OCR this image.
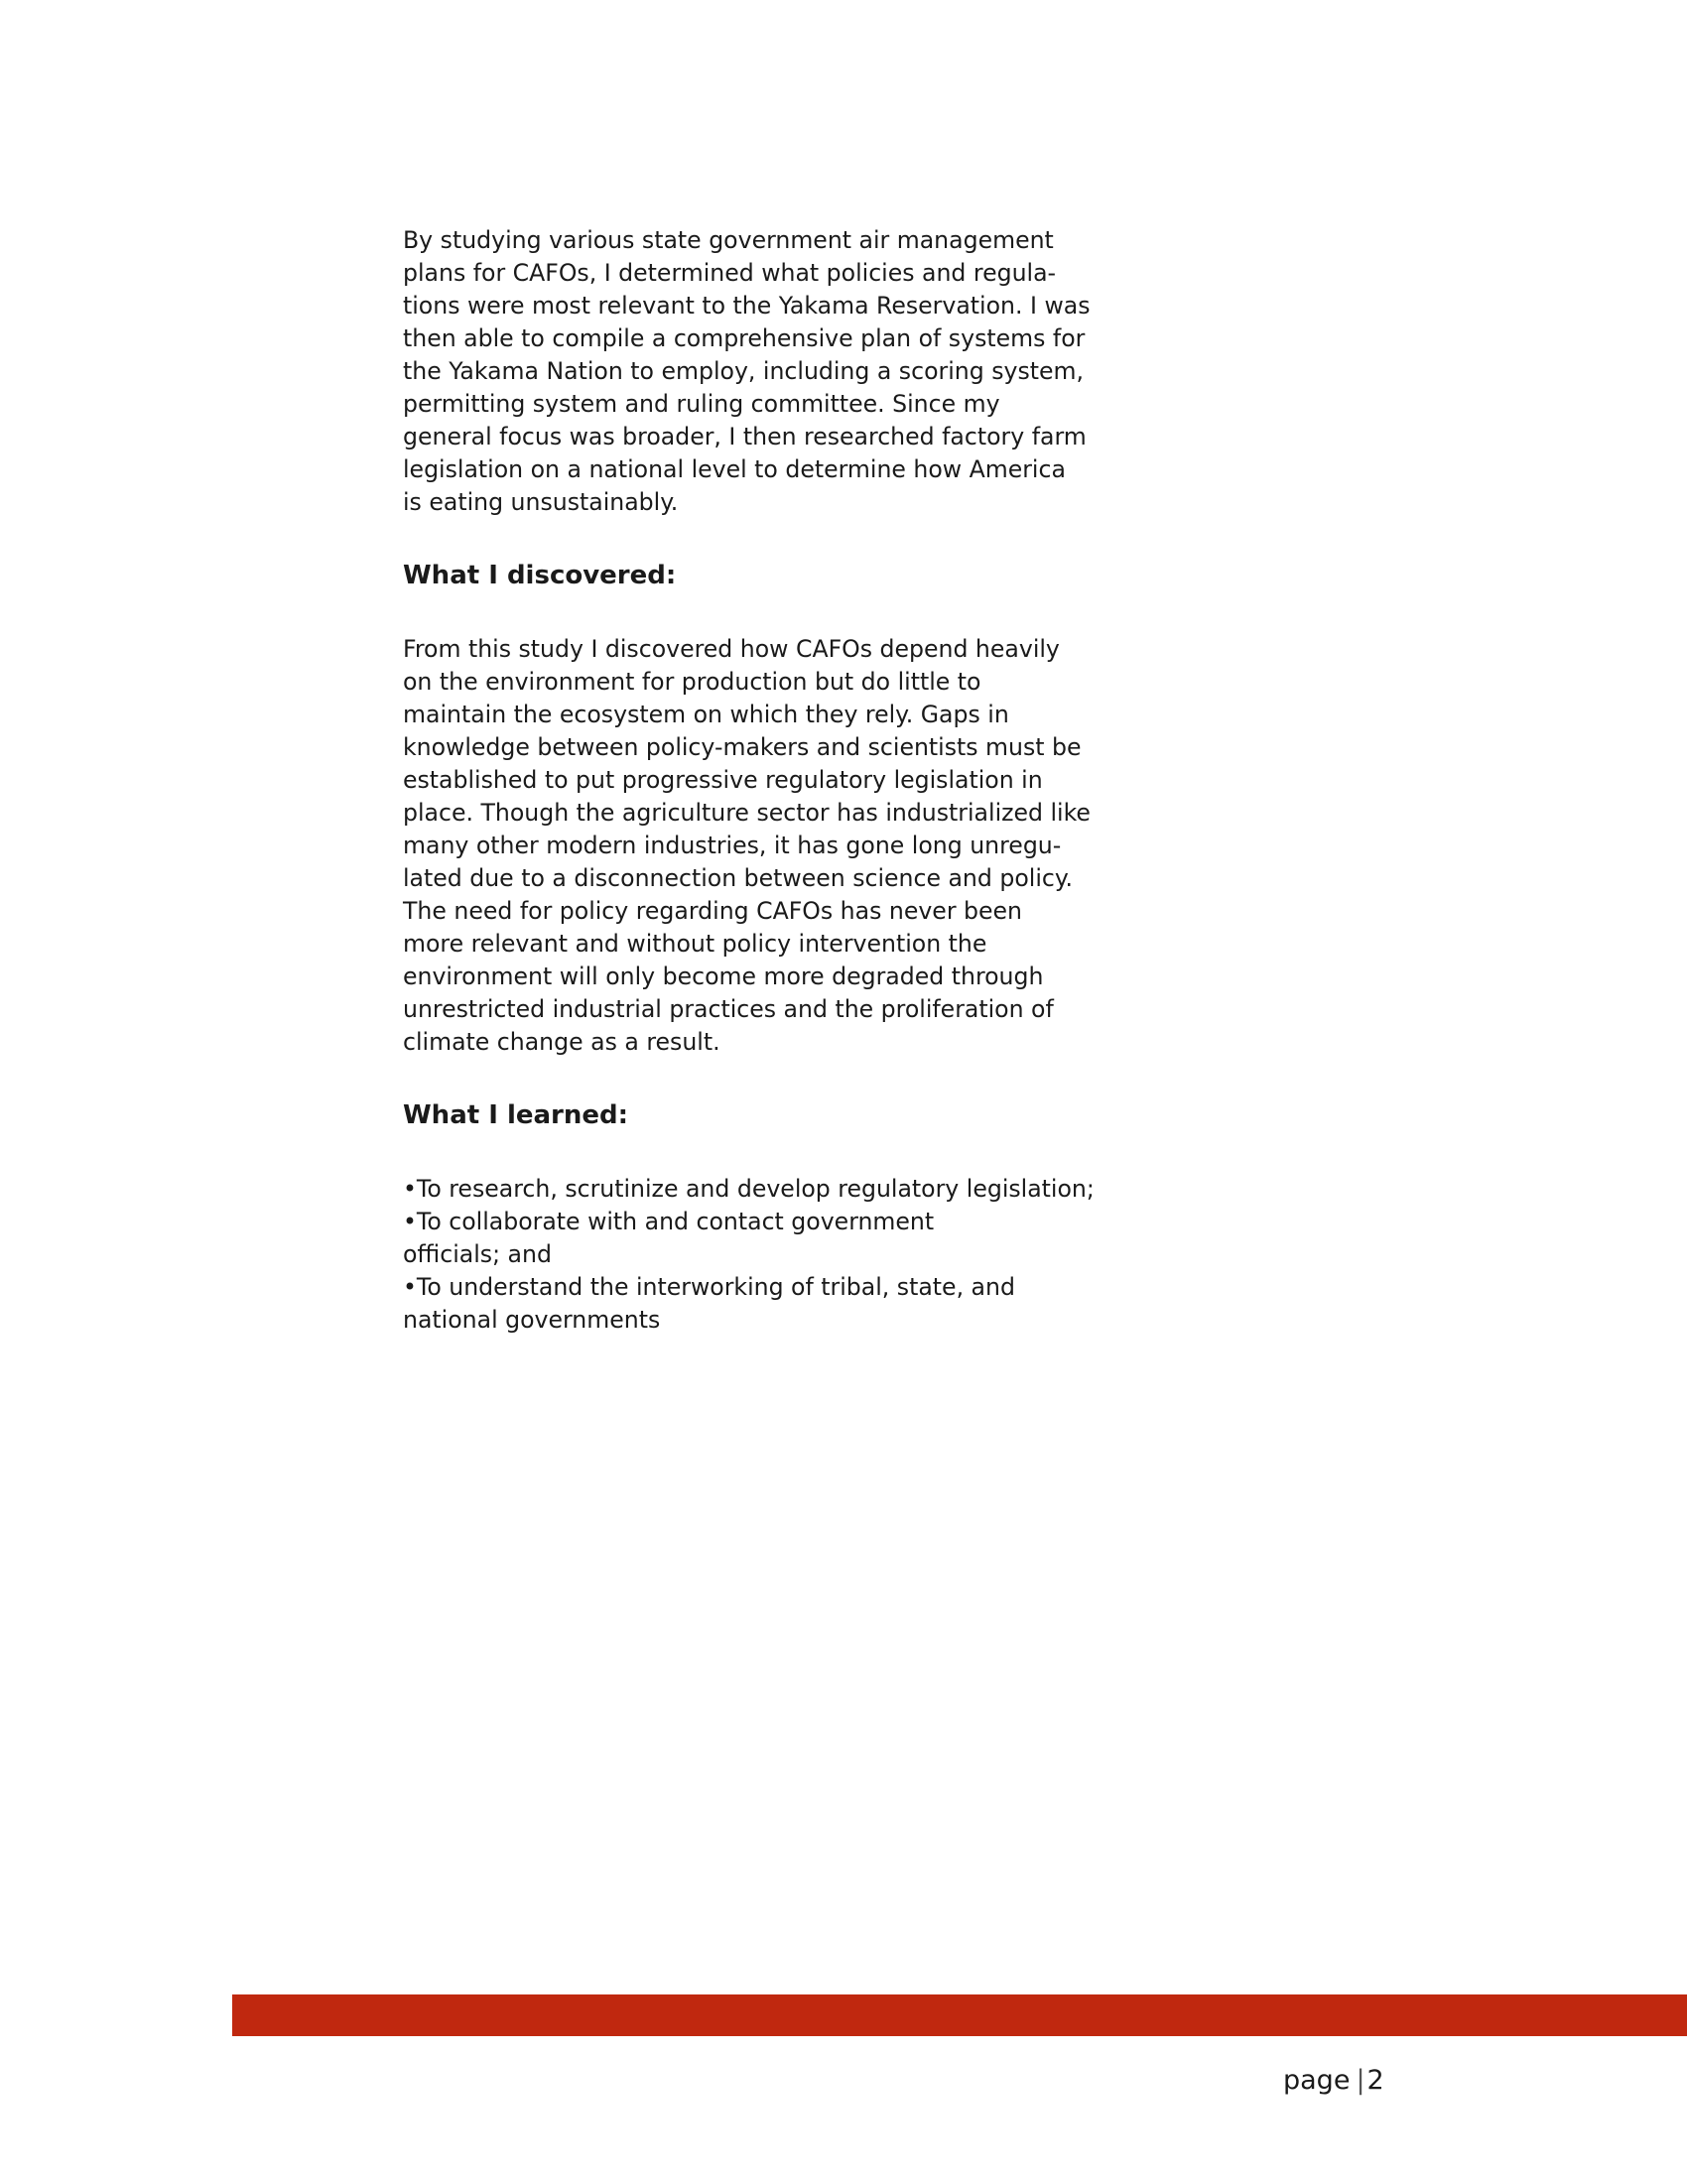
By studying various state government air management
plans for CAFOs, I determined what policies and regula-
tions were most relevant to the Yakama Reservation. I was
then able to compile a comprehensive plan of systems for
the Yakama Nation to employ, including a scoring system,
permitting system and ruling committee. Since my
general focus was broader, I then researched factory farm
legislation on a national level to determine how America
is eating unsustainably.

What I discovered:

From this study I discovered how CAFOs depend heavily
on the environment for production but do little to
maintain the ecosystem on which they rely. Gaps in
knowledge between policy-makers and scientists must be
established to put progressive regulatory legislation in
place. Though the agriculture sector has industrialized like
many other modern industries, it has gone long unregu-
lated due to a disconnection between science and policy.
The need for policy regarding CAFOs has never been
more relevant and without policy intervention the
environment will only become more degraded through
unrestricted industrial practices and the proliferation of
climate change as a result.

What I learned:

•To research, scrutinize and develop regulatory legislation;
•To collaborate with and contact government
officials; and
•To understand the interworking of tribal, state, and
national governments

page |2
